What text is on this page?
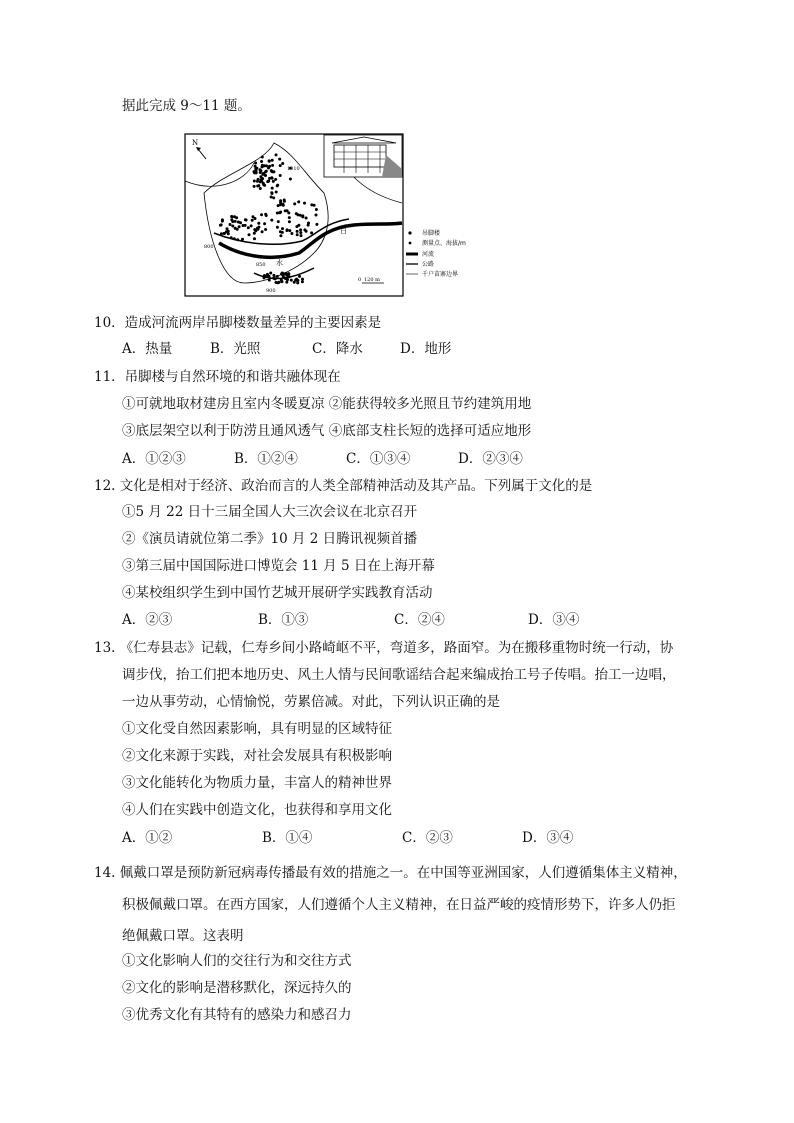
据此完成 9～11 题。
N
1010
800
850
900
白
水
0 120 m
吊脚楼
测量点、海拔/m
河流
公路
千户苗寨边界
10．造成河流两岸吊脚楼数量差异的主要因素是
A．热量	B．光照	C．降水	D．地形
11．吊脚楼与自然环境的和谐共融体现在
①可就地取材建房且室内冬暖夏凉 ②能获得较多光照且节约建筑用地
③底层架空以利于防涝且通风透气 ④底部支柱长短的选择可适应地形
A．①②③	B．①②④	C．①③④	D．②③④
12. 文化是相对于经济、政治而言的人类全部精神活动及其产品。下列属于文化的是
①5 月 22 日十三届全国人大三次会议在北京召开
②《演员请就位第二季》10 月 2 日腾讯视频首播
③第三届中国国际进口博览会 11 月 5 日在上海开幕
④某校组织学生到中国竹艺城开展研学实践教育活动
A．②③	B．①③	C．②④	D．③④
13. 《仁寿县志》记载，仁寿乡间小路崎岖不平，弯道多，路面窄。为在搬移重物时统一行动，协
调步伐，抬工们把本地历史、风土人情与民间歌谣结合起来编成抬工号子传唱。抬工一边唱，
一边从事劳动，心情愉悦，劳累倍减。对此，下列认识正确的是
①文化受自然因素影响，具有明显的区域特征
②文化来源于实践，对社会发展具有积极影响
③文化能转化为物质力量，丰富人的精神世界
④人们在实践中创造文化，也获得和享用文化
A．①②	B．①④	C．②③	D．③④
14. 佩戴口罩是预防新冠病毒传播最有效的措施之一。在中国等亚洲国家，人们遵循集体主义精神，
积极佩戴口罩。在西方国家，人们遵循个人主义精神，在日益严峻的疫情形势下，许多人仍拒
绝佩戴口罩。这表明
①文化影响人们的交往行为和交往方式
②文化的影响是潜移默化，深远持久的
③优秀文化有其特有的感染力和感召力
